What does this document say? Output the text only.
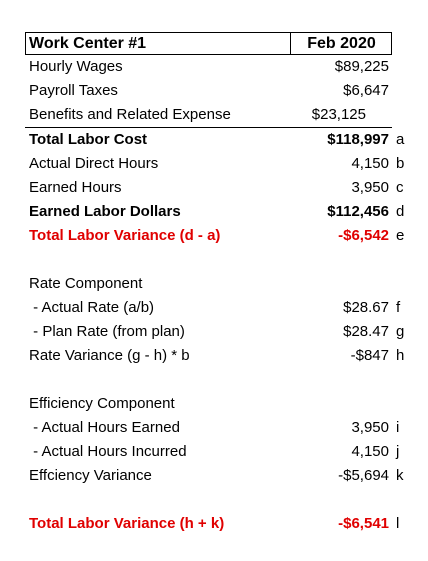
Work Center #1	Feb 2020
Hourly Wages	$89,225
Payroll Taxes	$6,647
Benefits and Related Expense	$23,125
Total Labor Cost	$118,997 a
Actual Direct Hours	4,150 b
Earned Hours	3,950 c
Earned Labor Dollars	$112,456 d
Total Labor Variance (d - a)	-$6,542 e
Rate Component
- Actual Rate (a/b)	$28.67 f
- Plan Rate (from plan)	$28.47 g
Rate Variance (g - h) * b	-$847 h
Efficiency Component
- Actual Hours Earned	3,950 i
- Actual Hours Incurred	4,150 j
Effciency Variance	-$5,694 k
Total Labor Variance (h + k)	-$6,541 l
